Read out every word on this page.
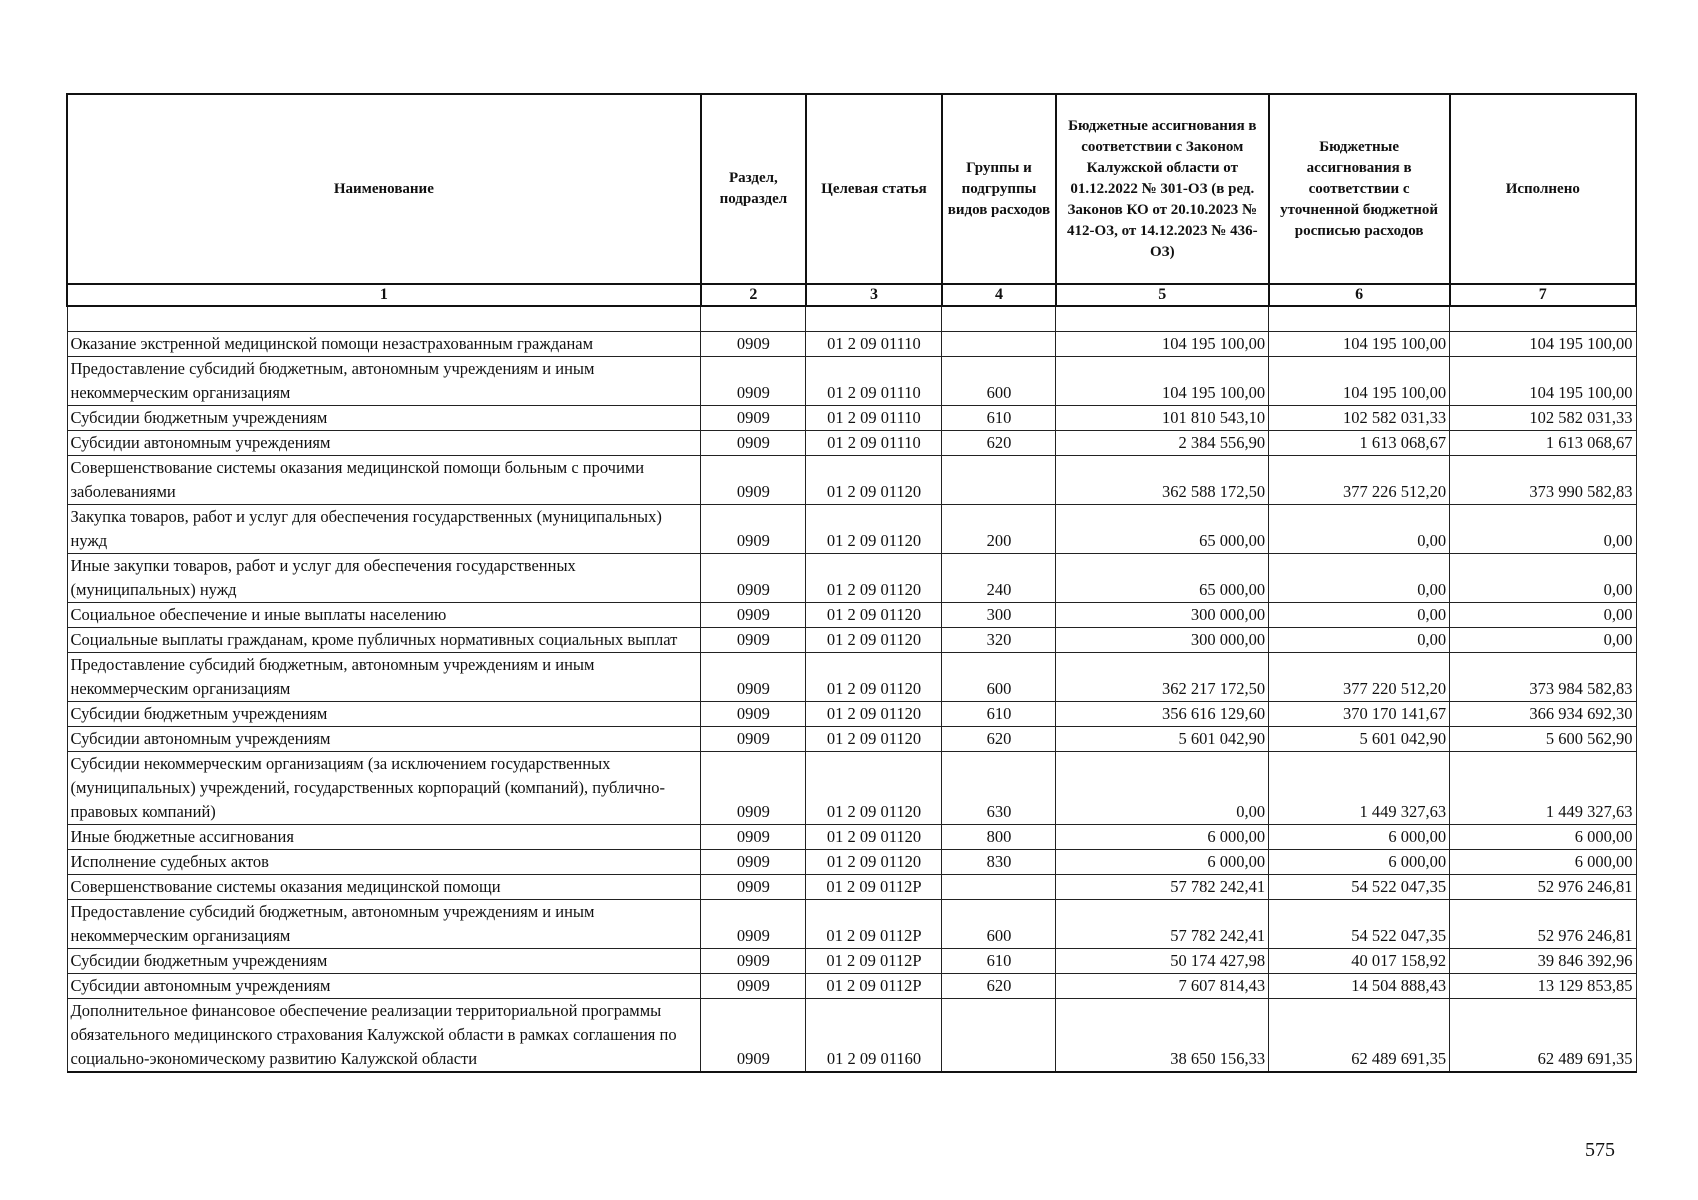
Наименование	Раздел, подраздел	Целевая статья	Группы и подгруппы видов расходов	Бюджетные ассигнования в соответствии с Законом Калужской области от 01.12.2022 № 301-ОЗ (в ред. Законов КО от 20.10.2023 № 412-ОЗ, от 14.12.2023 № 436-ОЗ)	Бюджетные ассигнования в соответствии с уточненной бюджетной росписью расходов	Исполнено
1	2	3	4	5	6	7

Оказание экстренной медицинской помощи незастрахованным гражданам	0909	01 2 09 01110		104 195 100,00	104 195 100,00	104 195 100,00
Предоставление субсидий бюджетным, автономным учреждениям и иным некоммерческим организациям	0909	01 2 09 01110	600	104 195 100,00	104 195 100,00	104 195 100,00
Субсидии бюджетным учреждениям	0909	01 2 09 01110	610	101 810 543,10	102 582 031,33	102 582 031,33
Субсидии автономным учреждениям	0909	01 2 09 01110	620	2 384 556,90	1 613 068,67	1 613 068,67
Совершенствование системы оказания медицинской помощи больным с прочими заболеваниями	0909	01 2 09 01120		362 588 172,50	377 226 512,20	373 990 582,83
Закупка товаров, работ и услуг для обеспечения государственных (муниципальных) нужд	0909	01 2 09 01120	200	65 000,00	0,00	0,00
Иные закупки товаров, работ и услуг для обеспечения государственных (муниципальных) нужд	0909	01 2 09 01120	240	65 000,00	0,00	0,00
Социальное обеспечение и иные выплаты населению	0909	01 2 09 01120	300	300 000,00	0,00	0,00
Социальные выплаты гражданам, кроме публичных нормативных социальных выплат	0909	01 2 09 01120	320	300 000,00	0,00	0,00
Предоставление субсидий бюджетным, автономным учреждениям и иным некоммерческим организациям	0909	01 2 09 01120	600	362 217 172,50	377 220 512,20	373 984 582,83
Субсидии бюджетным учреждениям	0909	01 2 09 01120	610	356 616 129,60	370 170 141,67	366 934 692,30
Субсидии автономным учреждениям	0909	01 2 09 01120	620	5 601 042,90	5 601 042,90	5 600 562,90
Субсидии некоммерческим организациям (за исключением государственных (муниципальных) учреждений, государственных корпораций (компаний), публично-правовых компаний)	0909	01 2 09 01120	630	0,00	1 449 327,63	1 449 327,63
Иные бюджетные ассигнования	0909	01 2 09 01120	800	6 000,00	6 000,00	6 000,00
Исполнение судебных актов	0909	01 2 09 01120	830	6 000,00	6 000,00	6 000,00
Совершенствование системы оказания медицинской помощи	0909	01 2 09 0112P		57 782 242,41	54 522 047,35	52 976 246,81
Предоставление субсидий бюджетным, автономным учреждениям и иным некоммерческим организациям	0909	01 2 09 0112P	600	57 782 242,41	54 522 047,35	52 976 246,81
Субсидии бюджетным учреждениям	0909	01 2 09 0112P	610	50 174 427,98	40 017 158,92	39 846 392,96
Субсидии автономным учреждениям	0909	01 2 09 0112P	620	7 607 814,43	14 504 888,43	13 129 853,85
Дополнительное финансовое обеспечение реализации территориальной программы обязательного медицинского страхования Калужской области в рамках соглашения по социально-экономическому развитию Калужской области	0909	01 2 09 01160		38 650 156,33	62 489 691,35	62 489 691,35
575
